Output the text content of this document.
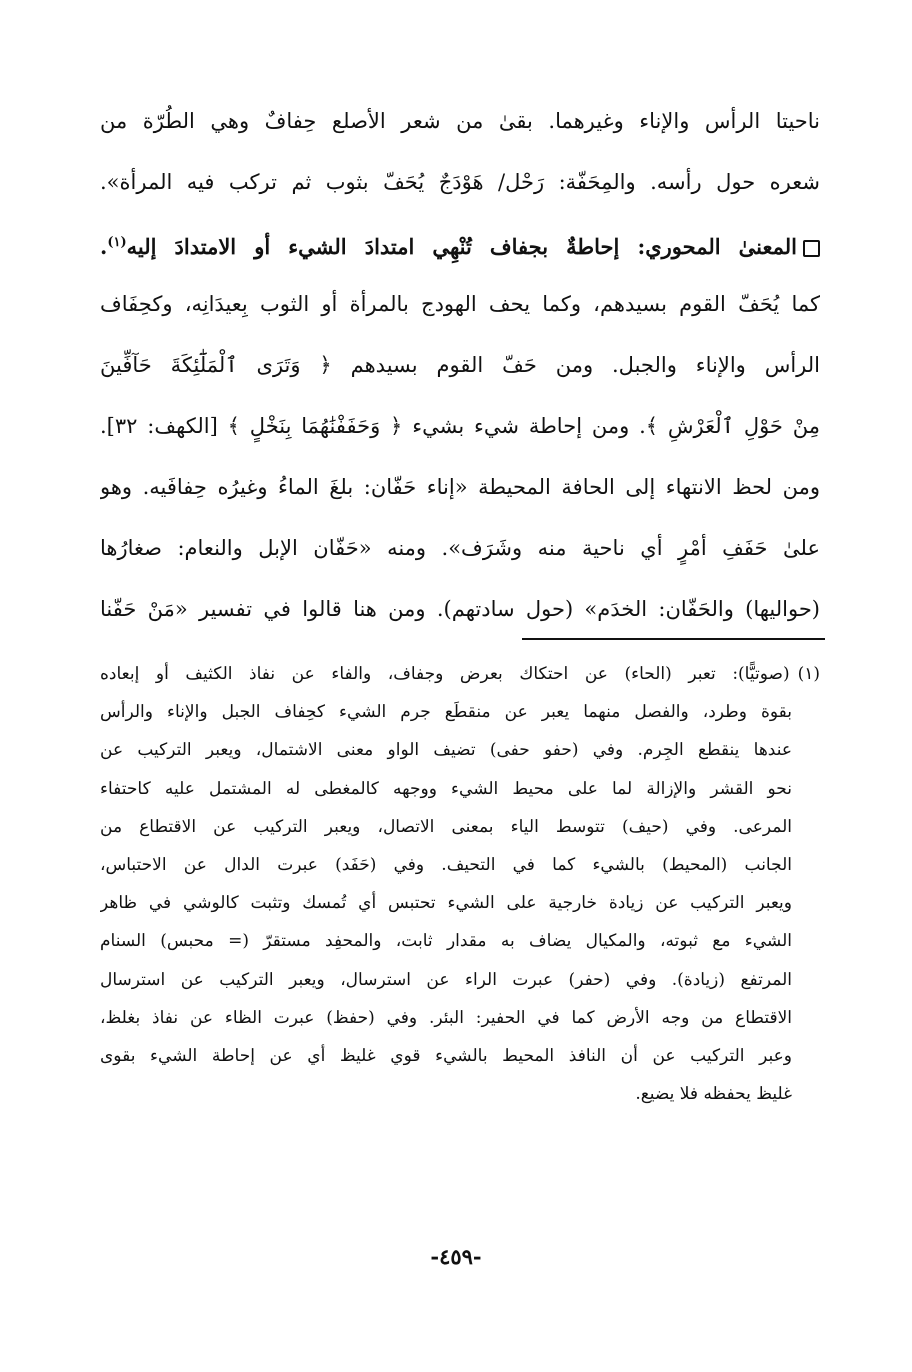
ناحيتا الرأس والإناء وغيرهما. بقىٰ من شعر الأصلع حِفافٌ وهي الطُرّة من
شعره حول رأسه. والمِحَفّة: رَحْل/ هَوْدَجٌ يُحَفّ بثوب ثم تركب فيه المرأة».
المعنىٰ المحوري: إحاطةٌ بجفاف تُنْهِي امتدادَ الشيء أو الامتدادَ إليه$^{(١)}$.
كما يُحَفّ القوم بسيدهم، وكما يحف الهودج بالمرأة أو الثوب بِعيدَانِه، وكحِفَاف
الرأس والإناء والجبل. ومن حَفّ القوم بسيدهم ﴿ وَتَرَى ٱلْمَلَٰٓئِكَةَ حَآفِّينَ
مِنْ حَوْلِ ٱلْعَرْشِ ﴾. ومن إحاطة شيء بشيء ﴿ وَحَفَفْنَٰهُمَا بِنَخْلٍ ﴾ [الكهف: ٣٢].
ومن لحظ الانتهاء إلى الحافة المحيطة «إناء حَفّان: بلغَ الماءُ وغيرُه حِفافَيه. وهو
علىٰ حَفَفِ أمْرٍ أي ناحية منه وشَرَف». ومنه «حَفّان الإبل والنعام: صغارُها
(حواليها) والحَفّان: الخدَم» (حول سادتهم). ومن هنا قالوا في تفسير «مَنْ حَفّنا
(١)(صوتيًّا): تعبر (الحاء) عن احتكاك بعرض وجفاف، والفاء عن نفاذ الكثيف أو إبعاده
بقوة وطرد، والفصل منهما يعبر عن منقطَع جرم الشيء كحِفاف الجبل والإناء والرأس
عندها ينقطع الجِرم. وفي (حفو حفى) تضيف الواو معنى الاشتمال، ويعبر التركيب عن
نحو القشر والإزالة لما على محيط الشيء ووجهه كالمغطى له المشتمل عليه كاحتفاء
المرعى. وفي (حيف) تتوسط الياء بمعنى الاتصال، ويعبر التركيب عن الاقتطاع من
الجانب (المحيط) بالشيء كما في التحيف. وفي (حَفَد) عبرت الدال عن الاحتباس،
ويعبر التركيب عن زيادة خارجية على الشيء تحتبس أي تُمسك وتثبت كالوشي في ظاهر
الشيء مع ثبوته، والمكيال يضاف به مقدار ثابت، والمحفِد مستقرّ (= محبس) السنام
المرتفع (زيادة). وفي (حفر) عبرت الراء عن استرسال، ويعبر التركيب عن استرسال
الاقتطاع من وجه الأرض كما في الحفير: البئر. وفي (حفظ) عبرت الظاء عن نفاذ بغلظ،
وعبر التركيب عن أن النافذ المحيط بالشيء قوي غليظ أي عن إحاطة الشيء بقوى
غليظ يحفظه فلا يضيع.
-٤٥٩-
